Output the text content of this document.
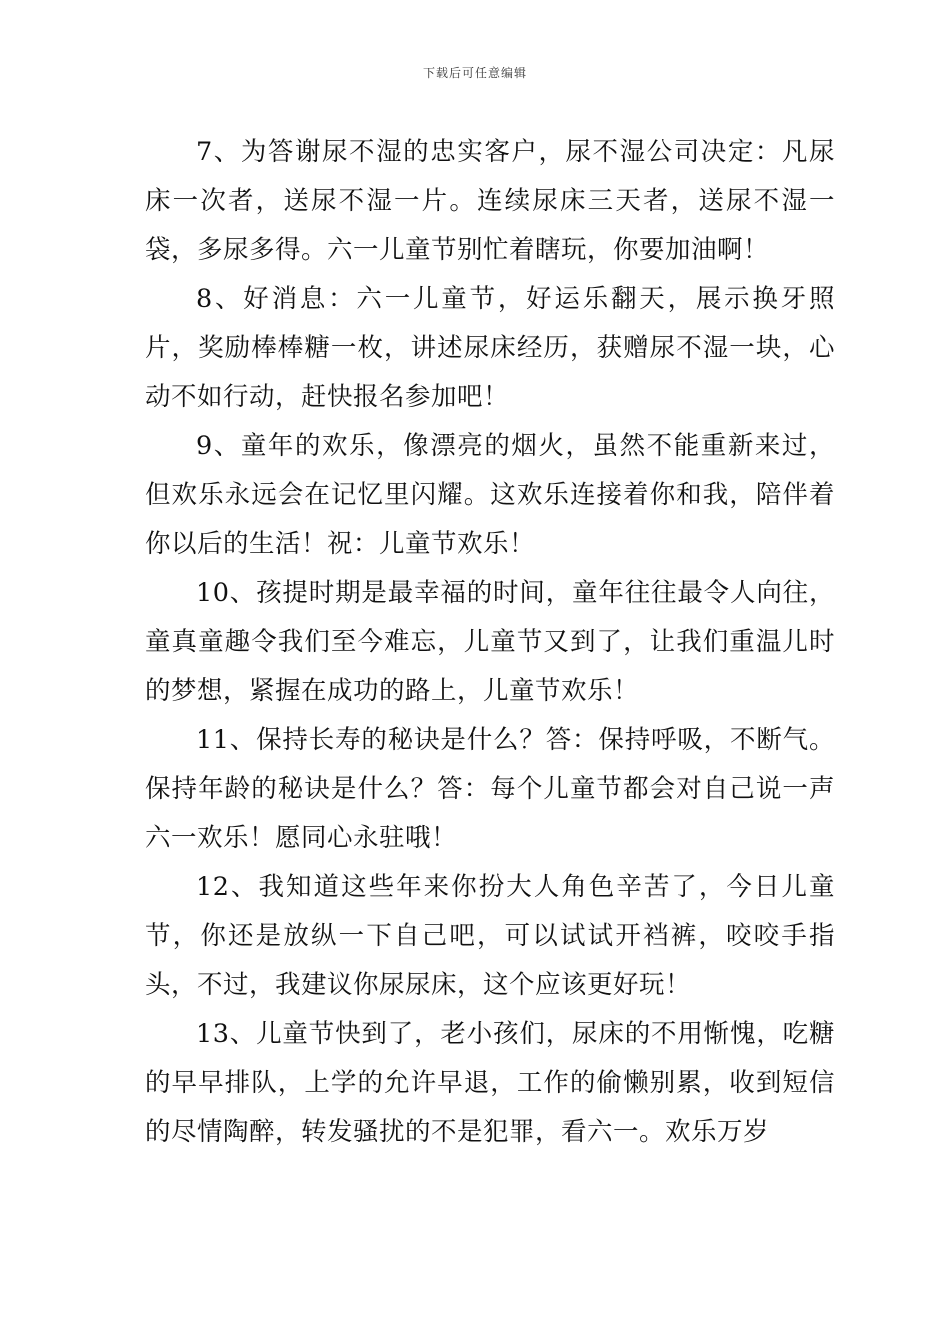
下载后可任意编辑

7、为答谢尿不湿的忠实客户，尿不湿公司决定：凡尿床一次者，送尿不湿一片。连续尿床三天者，送尿不湿一袋，多尿多得。六一儿童节别忙着瞎玩，你要加油啊！

8、好消息：六一儿童节，好运乐翻天，展示换牙照片，奖励棒棒糖一枚，讲述尿床经历，获赠尿不湿一块，心动不如行动，赶快报名参加吧！

9、童年的欢乐，像漂亮的烟火，虽然不能重新来过，但欢乐永远会在记忆里闪耀。这欢乐连接着你和我，陪伴着你以后的生活！祝：儿童节欢乐！

10、孩提时期是最幸福的时间，童年往往最令人向往，童真童趣令我们至今难忘，儿童节又到了，让我们重温儿时的梦想，紧握在成功的路上，儿童节欢乐！

11、保持长寿的秘诀是什么？答：保持呼吸，不断气。保持年龄的秘诀是什么？答：每个儿童节都会对自己说一声六一欢乐！愿同心永驻哦！

12、我知道这些年来你扮大人角色辛苦了，今日儿童节，你还是放纵一下自己吧，可以试试开裆裤，咬咬手指头，不过，我建议你尿尿床，这个应该更好玩！

13、儿童节快到了，老小孩们，尿床的不用惭愧，吃糖的早早排队，上学的允许早退，工作的偷懒别累，收到短信的尽情陶醉，转发骚扰的不是犯罪，看六一。欢乐万岁
